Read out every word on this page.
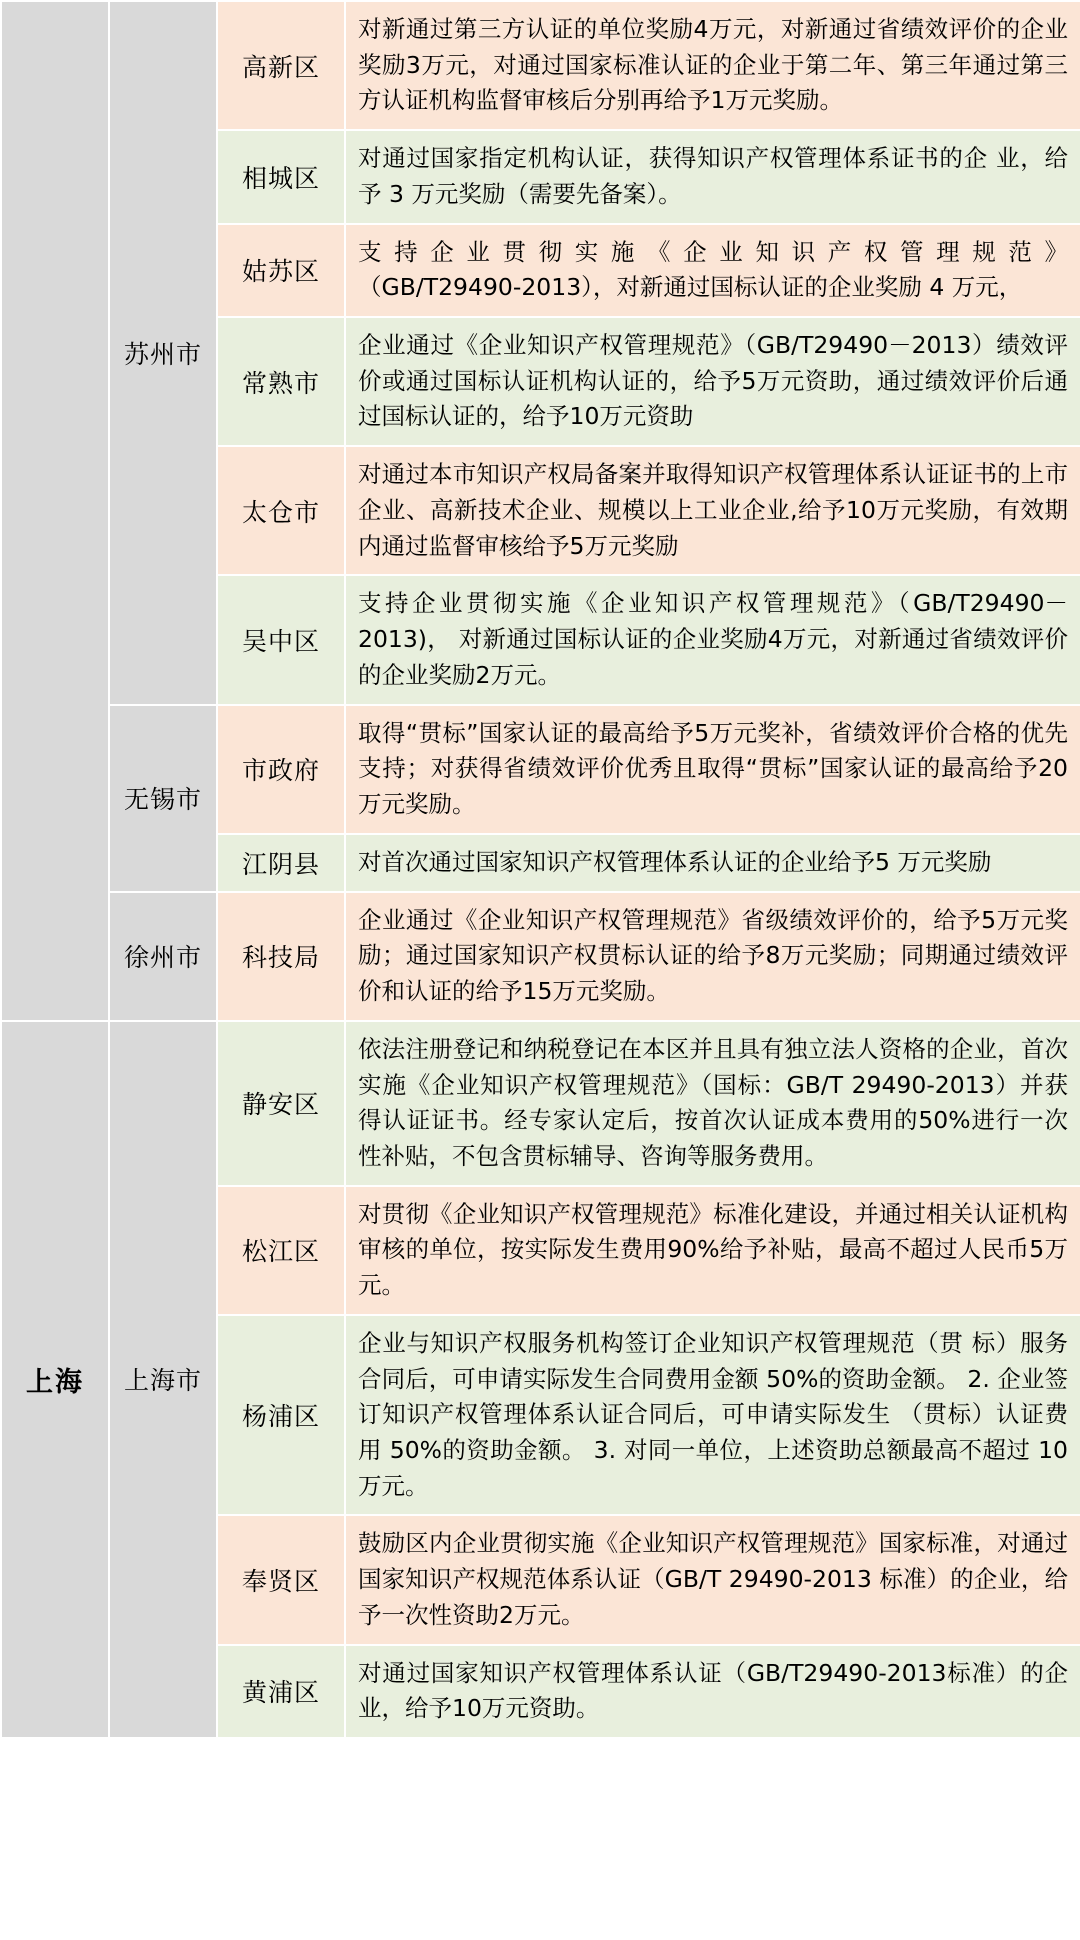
	苏州市	高新区	对新通过第三方认证的单位奖励4万元，对新通过省绩效评价的企业奖励3万元，对通过国家标准认证的企业于第二年、第三年通过第三方认证机构监督审核后分别再给予1万元奖励。
		相城区	对通过国家指定机构认证，获得知识产权管理体系证书的企 业，给予 3 万元奖励（需要先备案）。
		姑苏区	支 持 企 业 贯 彻 实 施 《 企 业 知 识 产 权 管 理 规 范 》 （GB/T29490-2013），对新通过国标认证的企业奖励 4 万元，
		常熟市	企业通过《企业知识产权管理规范》（GB/T29490－2013）绩效评价或通过国标认证机构认证的，给予5万元资助，通过绩效评价后通过国标认证的，给予10万元资助
		太仓市	对通过本市知识产权局备案并取得知识产权管理体系认证证书的上市企业、高新技术企业、规模以上工业企业,给予10万元奖励，有效期内通过监督审核给予5万元奖励
		吴中区	支持企业贯彻实施《企业知识产权管理规范》（GB/T29490－2013)， 对新通过国标认证的企业奖励4万元，对新通过省绩效评价的企业奖励2万元。
	无锡市	市政府	取得“贯标”国家认证的最高给予5万元奖补，省绩效评价合格的优先支持；对获得省绩效评价优秀且取得“贯标”国家认证的最高给予20万元奖励。
		江阴县	对首次通过国家知识产权管理体系认证的企业给予5 万元奖励
	徐州市	科技局	企业通过《企业知识产权管理规范》省级绩效评价的，给予5万元奖励；通过国家知识产权贯标认证的给予8万元奖励；同期通过绩效评价和认证的给予15万元奖励。
上海	上海市	静安区	依法注册登记和纳税登记在本区并且具有独立法人资格的企业，首次实施《企业知识产权管理规范》（国标：GB/T 29490-2013）并获得认证证书。经专家认定后，按首次认证成本费用的50%进行一次性补贴，不包含贯标辅导、咨询等服务费用。
		松江区	对贯彻《企业知识产权管理规范》标准化建设，并通过相关认证机构审核的单位，按实际发生费用90%给予补贴，最高不超过人民币5万元。
		杨浦区	企业与知识产权服务机构签订企业知识产权管理规范（贯 标）服务合同后，可申请实际发生合同费用金额 50%的资助金额。 2. 企业签订知识产权管理体系认证合同后，可申请实际发生 （贯标）认证费用 50%的资助金额。 3. 对同一单位，上述资助总额最高不超过 10 万元。
		奉贤区	鼓励区内企业贯彻实施《企业知识产权管理规范》国家标准，对通过国家知识产权规范体系认证（GB/T 29490-2013 标准）的企业，给予一次性资助2万元。
		黄浦区	对通过国家知识产权管理体系认证（GB/T29490-2013标准）的企业，给予10万元资助。
